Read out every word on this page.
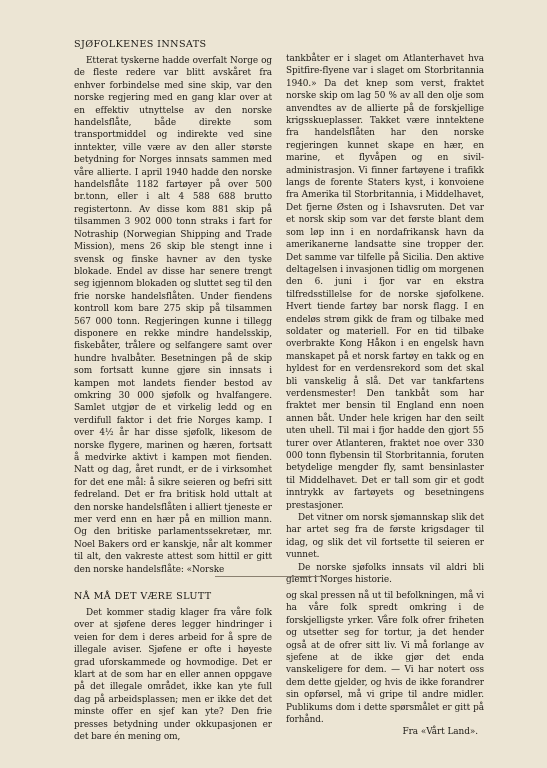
SJØFOLKENES INNSATS

Etterat tyskerne hadde overfalt Norge og de fleste redere var blitt avskåret fra enhver forbindelse med sine skip, var den norske regjering med en gang klar over at en effektiv utnyttelse av den norske handelsflåte, både direkte som transportmiddel og indirekte ved sine inntekter, ville være av den aller største betydning for Norges innsats sammen med våre allierte. I april 1940 hadde den norske handelsflåte 1182 fartøyer på over 500 br.tonn, eller i alt 4 588 688 brutto registertonn. Av disse kom 881 skip på tilsammen 3 902 000 tonn straks i fart for Notraship (Norwegian Shipping and Trade Mission), mens 26 skip ble stengt inne i svensk og finske havner av den tyske blokade. Endel av disse har senere trengt seg igjennom blokaden og sluttet seg til den frie norske handelsflåten. Under fiendens kontroll kom bare 275 skip på tilsammen 567 000 tonn. Regjeringen kunne i tillegg disponere en rekke mindre handelsskip, fiskebåter, trålere og selfangere samt over hundre hvalbåter. Besetningen på de skip som fortsatt kunne gjøre sin innsats i kampen mot landets fiender bestod av omkring 30 000 sjøfolk og hvalfangere. Samlet utgjør de et virkelig ledd og en verdifull faktor i det frie Norges kamp. I over 4½ år har disse sjøfolk, likesom de norske flygere, marinen og hæren, fortsatt å medvirke aktivt i kampen mot fienden. Natt og dag, året rundt, er de i virksomhet for det ene mål: å sikre seieren og befri sitt fedreland. Det er fra britisk hold uttalt at den norske handelsflåten i alliert tjeneste er mer verd enn en hær på en million mann. Og den britiske parlamentssekretær, mr. Noel Bakers ord er kanskje, når alt kommer til alt, den vakreste attest som hittil er gitt den norske handelsflåte: «Norske

tankbåter er i slaget om Atlanterhavet hva Spitfire-flyene var i slaget om Storbritannia 1940.» Da det knep som verst, fraktet norske skip om lag 50 % av all den olje som anvendtes av de allierte på de forskjellige krigsskueplasser. Takket være inntektene fra handelsflåten har den norske regjeringen kunnet skape en hær, en marine, et flyvåpen og en sivil-administrasjon. Vi finner fartøyene i trafikk langs de forente Staters kyst, i konvoiene fra Amerika til Storbritannia, i Middelhavet, Det fjerne Østen og i Ishavsruten. Det var et norsk skip som var det første blant dem som løp inn i en nordafrikansk havn da amerikanerne landsatte sine tropper der. Det samme var tilfelle på Sicilia. Den aktive deltagelsen i invasjonen tidlig om morgenen den 6. juni i fjor var en ekstra tilfredsstillelse for de norske sjøfolkene. Hvert tiende fartøy bar norsk flagg. I en endeløs strøm gikk de fram og tilbake med soldater og materiell. For en tid tilbake overbrakte Kong Håkon i en engelsk havn manskapet på et norsk fartøy en takk og en hyldest for en verdensrekord som det skal bli vanskelig å slå. Det var tankfartens verdensmester! Den tankbåt som har fraktet mer bensin til England enn noen annen båt. Under hele krigen har den seilt uten uhell. Til mai i fjor hadde den gjort 55 turer over Atlanteren, fraktet noe over 330 000 tonn flybensin til Storbritannia, foruten betydelige mengder fly, samt bensinlaster til Middelhavet. Det er tall som gir et godt inntrykk av fartøyets og besetningens prestasjoner.

Det vitner om norsk sjømannskap slik det har artet seg fra de første krigsdager til idag, og slik det vil fortsette til seieren er vunnet.

De norske sjøfolks innsats vil aldri bli glemt i Norges historie.

NÅ MÅ DET VÆRE SLUTT

Det kommer stadig klager fra våre folk over at sjøfene deres legger hindringer i veien for dem i deres arbeid for å spre de illegale aviser. Sjøfene er ofte i høyeste grad uforskammede og hovmodige. Det er klart at de som har en eller annen oppgave på det illegale området, ikke kan yte full dag på arbeidsplassen; men er ikke det det minste offer en sjef kan yte? Den frie presses betydning under okkupasjonen er det bare én mening om,

og skal pressen nå ut til befolkningen, må vi ha våre folk spredt omkring i de forskjelligste yrker. Våre folk ofrer friheten og utsetter seg for tortur, ja det hender også at de ofrer sitt liv. Vi må forlange av sjefene at de ikke gjør det enda vanskeligere for dem. — Vi har notert oss dem dette gjelder, og hvis de ikke forandrer sin opførsel, må vi gripe til andre midler. Publikums dom i dette spørsmålet er gitt på forhånd.

Fra «Vårt Land».
